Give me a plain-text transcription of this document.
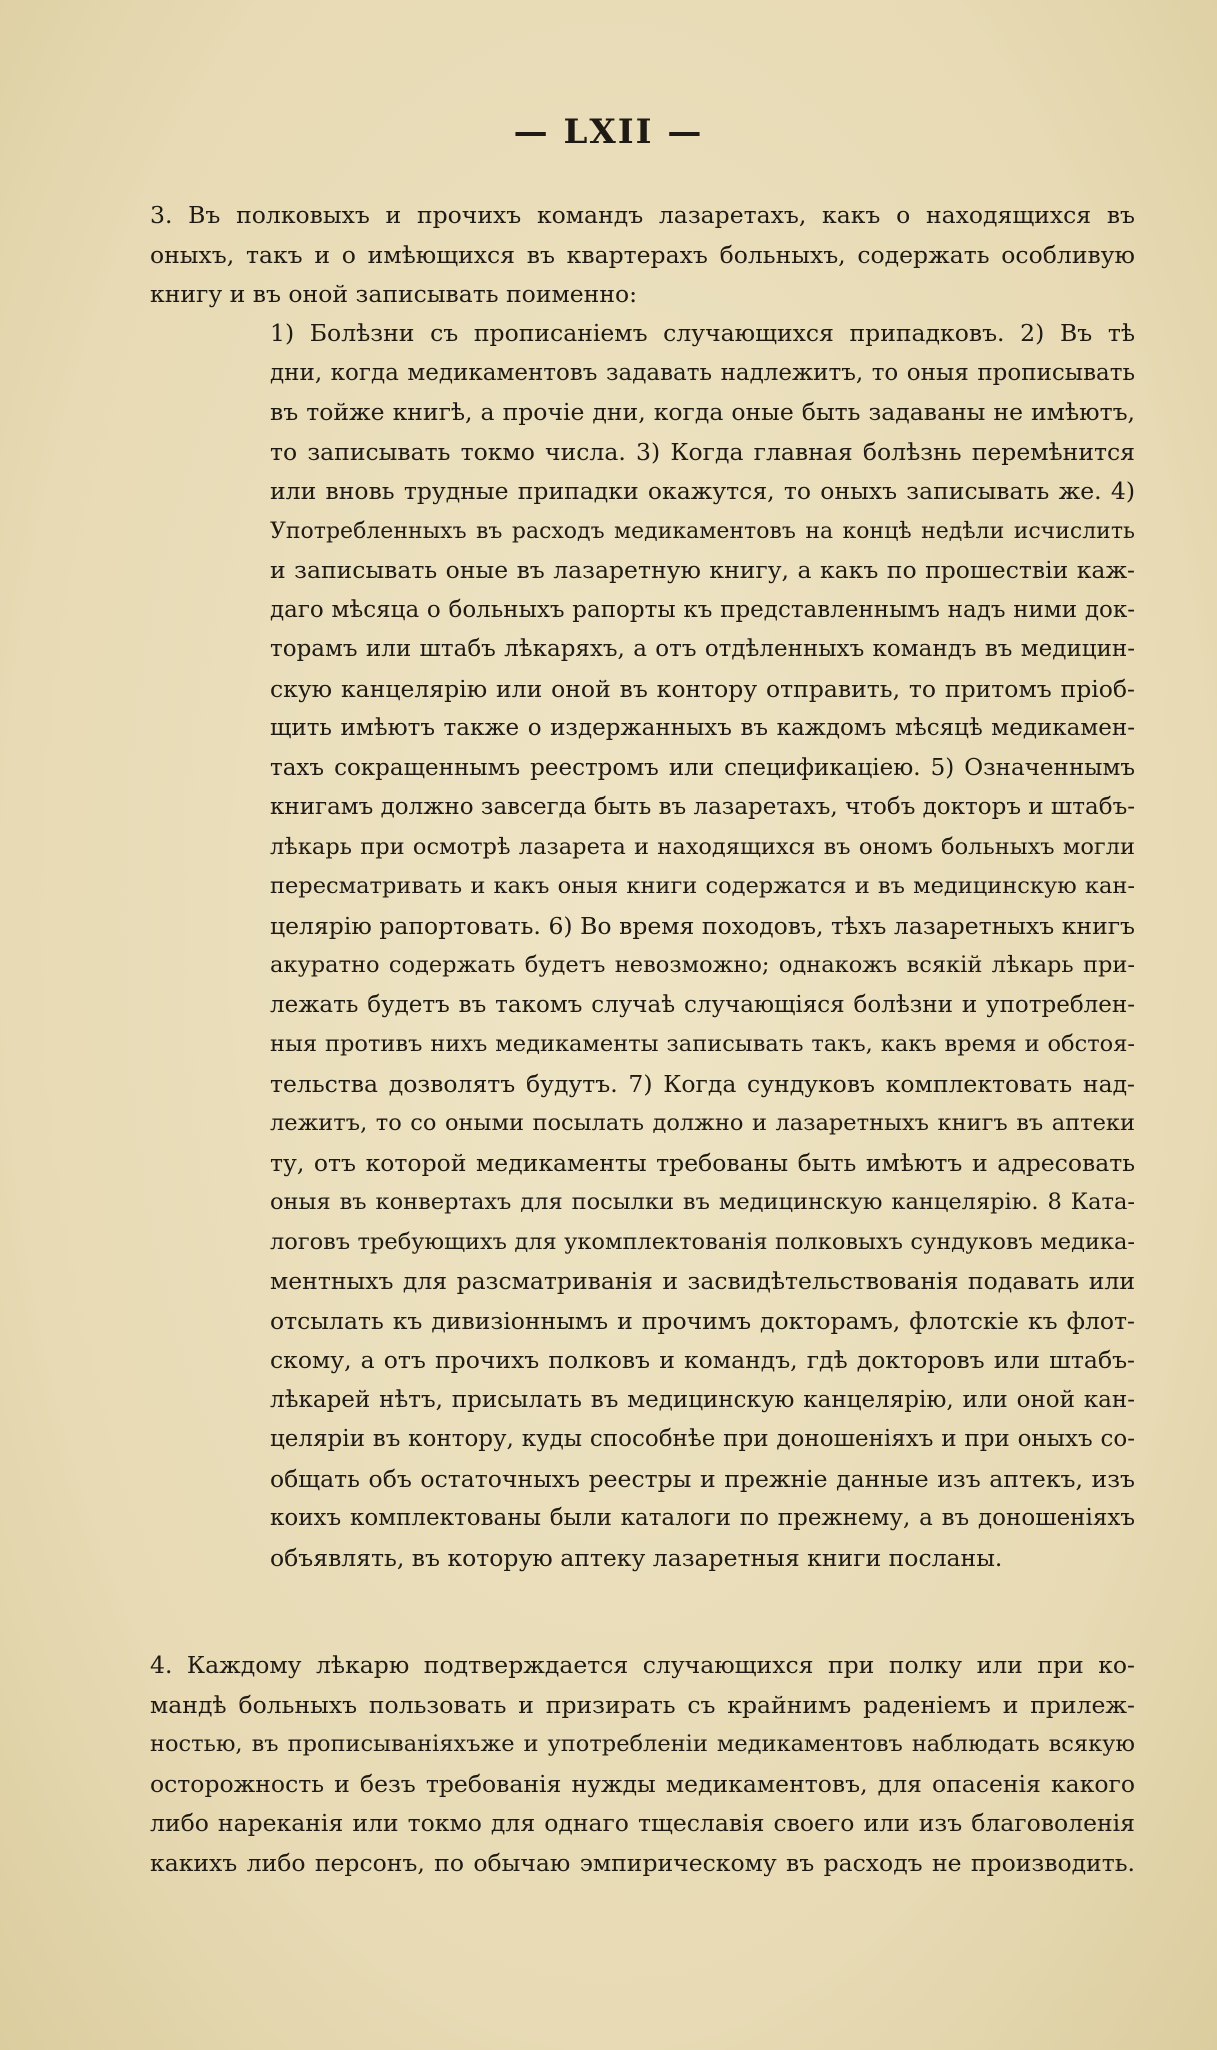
— LXII —
3. Въ полковыхъ и прочихъ командъ лазаретахъ, какъ о находящихся въ
оныхъ, такъ и о имѣющихся въ квартерахъ больныхъ, содержать особливую
книгу и въ оной записывать поименно:
1) Болѣзни съ прописаніемъ случающихся припадковъ. 2) Въ тѣ
дни, когда медикаментовъ задавать надлежитъ, то оныя прописывать
въ тойже книгѣ, а прочіе дни, когда оные быть задаваны не имѣютъ,
то записывать токмо числа. 3) Когда главная болѣзнь перемѣнится
или вновь трудные припадки окажутся, то оныхъ записывать же. 4)
Употребленныхъ въ расходъ медикаментовъ на концѣ недѣли исчислить
и записывать оные въ лазаретную книгу, а какъ по прошествіи каж-
даго мѣсяца о больныхъ рапорты къ представленнымъ надъ ними док-
торамъ или штабъ лѣкаряхъ, а отъ отдѣленныхъ командъ въ медицин-
скую канцелярію или оной въ контору отправить, то притомъ пріоб-
щить имѣютъ также о издержанныхъ въ каждомъ мѣсяцѣ медикамен-
тахъ сокращеннымъ реестромъ или спецификаціею. 5) Означеннымъ
книгамъ должно завсегда быть въ лазаретахъ, чтобъ докторъ и штабъ-
лѣкарь при осмотрѣ лазарета и находящихся въ ономъ больныхъ могли
пересматривать и какъ оныя книги содержатся и въ медицинскую кан-
целярію рапортовать. 6) Во время походовъ, тѣхъ лазаретныхъ книгъ
акуратно содержать будетъ невозможно; однакожъ всякій лѣкарь при-
лежать будетъ въ такомъ случаѣ случающіяся болѣзни и употреблен-
ныя противъ нихъ медикаменты записывать такъ, какъ время и обстоя-
тельства дозволятъ будутъ. 7) Когда сундуковъ комплектовать над-
лежитъ, то со оными посылать должно и лазаретныхъ книгъ въ аптеки
ту, отъ которой медикаменты требованы быть имѣютъ и адресовать
оныя въ конвертахъ для посылки въ медицинскую канцелярію. 8 Ката-
логовъ требующихъ для укомплектованія полковыхъ сундуковъ медика-
ментныхъ для разсматриванія и засвидѣтельствованія подавать или
отсылать къ дивизіоннымъ и прочимъ докторамъ, флотскіе къ флот-
скому, а отъ прочихъ полковъ и командъ, гдѣ докторовъ или штабъ-
лѣкарей нѣтъ, присылать въ медицинскую канцелярію, или оной кан-
целяріи въ контору, куды способнѣе при доношеніяхъ и при оныхъ со-
общать объ остаточныхъ реестры и прежніе данные изъ аптекъ, изъ
коихъ комплектованы были каталоги по прежнему, а въ доношеніяхъ
объявлять, въ которую аптеку лазаретныя книги посланы.
4. Каждому лѣкарю подтверждается случающихся при полку или при ко-
мандѣ больныхъ пользовать и призирать съ крайнимъ раденіемъ и прилеж-
ностью, въ прописываніяхъже и употребленіи медикаментовъ наблюдать всякую
осторожность и безъ требованія нужды медикаментовъ, для опасенія какого
либо нареканія или токмо для однаго тщеславія своего или изъ благоволенія
какихъ либо персонъ, по обычаю эмпирическому въ расходъ не производить.
